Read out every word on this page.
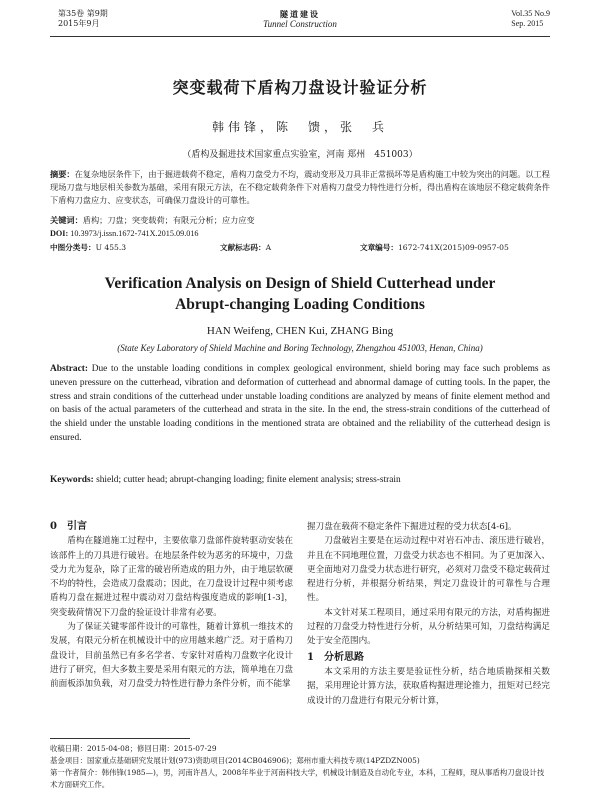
第35卷 第9期
2015年9月
隧道建设
Tunnel Construction
Vol.35 No.9
Sep. 2015
突变载荷下盾构刀盘设计验证分析
韩伟锋，陈　馈，张　兵
（盾构及掘进技术国家重点实验室，河南 郑州　451003）
摘要：在复杂地层条件下，由于掘进载荷不稳定，盾构刀盘受力不均，震动变形及刀具非正常损坏等是盾构施工中较为突出的问题。以工程现场刀盘与地层相关参数为基础，采用有限元方法，在不稳定载荷条件下对盾构刀盘受力特性进行分析，得出盾构在该地层不稳定载荷条件下盾构刀盘应力、应变状态，可确保刀盘设计的可靠性。
关键词：盾构；刀盘；突变载荷；有限元分析；应力应变
DOI: 10.3973/j.issn.1672-741X.2015.09.016
中图分类号：U 455.3	文献标志码：A	文章编号：1672-741X(2015)09-0957-05
Verification Analysis on Design of Shield Cutterhead under
Abrupt-changing Loading Conditions
HAN Weifeng, CHEN Kui, ZHANG Bing
(State Key Laboratory of Shield Machine and Boring Technology, Zhengzhou 451003, Henan, China)
Abstract: Due to the unstable loading conditions in complex geological environment, shield boring may face such problems as uneven pressure on the cutterhead, vibration and deformation of cutterhead and abnormal damage of cutting tools. In the paper, the stress and strain conditions of the cutterhead under unstable loading conditions are analyzed by means of finite element method and on basis of the actual parameters of the cutterhead and strata in the site. In the end, the stress-strain conditions of the cutterhead of the shield under the unstable loading conditions in the mentioned strata are obtained and the reliability of the cutterhead design is ensured.
Keywords: shield; cutter head; abrupt-changing loading; finite element analysis; stress-strain

0　引言

盾构在隧道施工过程中，主要依靠刀盘部件旋转驱动安装在该部件上的刀具进行破岩。在地层条件较为恶劣的环境中，刀盘受力尤为复杂，除了正常的破岩所造成的阻力外，由于地层软硬不均的特性，会造成刀盘震动；因此，在刀盘设计过程中须考虑盾构刀盘在掘进过程中震动对刀盘结构强度造成的影响[1-3]，突变载荷情况下刀盘的验证设计非常有必要。

为了保证关键零部件设计的可靠性，随着计算机一维技术的发展，有限元分析在机械设计中的应用越来越广泛。对于盾构刀盘设计，目前虽然已有多名学者、专家针对盾构刀盘数字化设计进行了研究，但大多数主要是采用有限元的方法，简单地在刀盘前面板添加负载，对刀盘受力特性进行静力条件分析，而不能掌

握刀盘在载荷不稳定条件下掘进过程的受力状态[4-6]。

刀盘破岩主要是在运动过程中对岩石冲击、滚压进行破岩，并且在不同地理位置，刀盘受力状态也不相同。为了更加深入、更全面地对刀盘受力状态进行研究，必须对刀盘受不稳定载荷过程进行分析，并根据分析结果，判定刀盘设计的可靠性与合理性。

本文针对某工程项目，通过采用有限元的方法，对盾构掘进过程的刀盘受力特性进行分析，从分析结果可知，刀盘结构满足处于安全范围内。

1　分析思路

本文采用的方法主要是验证性分析，结合地质勘探相关数据，采用理论计算方法，获取盾构掘进理论推力，扭矩对已经完成设计的刀盘进行有限元分析计算，

收稿日期：2015-04-08；修回日期：2015-07-29
基金项目：国家重点基础研究发展计划(973)资助项目(2014CB046906)；郑州市重大科技专项(14PZDZN005)
第一作者简介：韩伟锋(1985—)，男，河南许昌人，2008年毕业于河南科技大学，机械设计制造及自动化专业，本科，工程师，现从事盾构刀盘设计技术方面研究工作。
